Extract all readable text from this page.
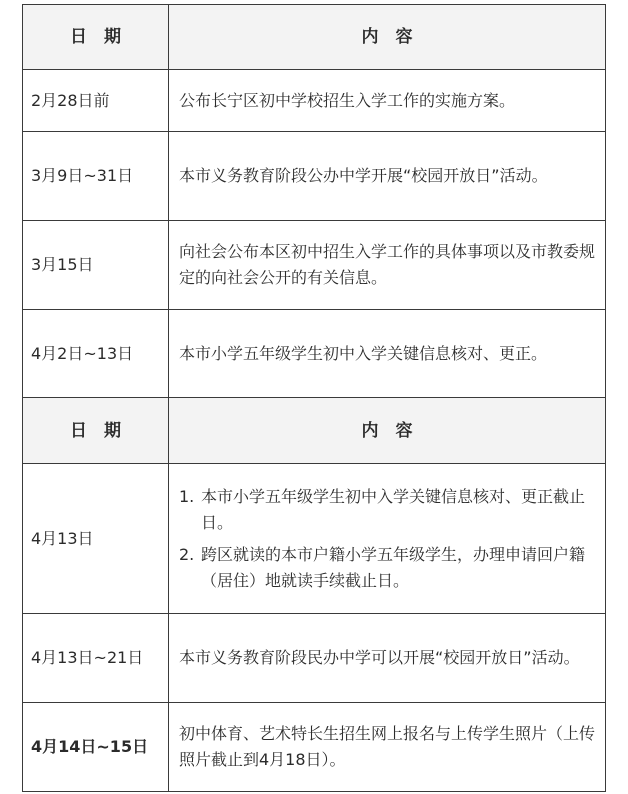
日　期	内　容
2月28日前	公布长宁区初中学校招生入学工作的实施方案。
3月9日~31日	本市义务教育阶段公办中学开展“校园开放日”活动。
3月15日	向社会公布本区初中招生入学工作的具体事项以及市教委规定的向社会公开的有关信息。
4月2日~13日	本市小学五年级学生初中入学关键信息核对、更正。
日　期	内　容
4月13日	1. 本市小学五年级学生初中入学关键信息核对、更正截止日。
2. 跨区就读的本市户籍小学五年级学生，办理申请回户籍（居住）地就读手续截止日。

4月13日~21日	本市义务教育阶段民办中学可以开展“校园开放日”活动。
4月14日~15日	初中体育、艺术特长生招生网上报名与上传学生照片（上传照片截止到4月18日）。
